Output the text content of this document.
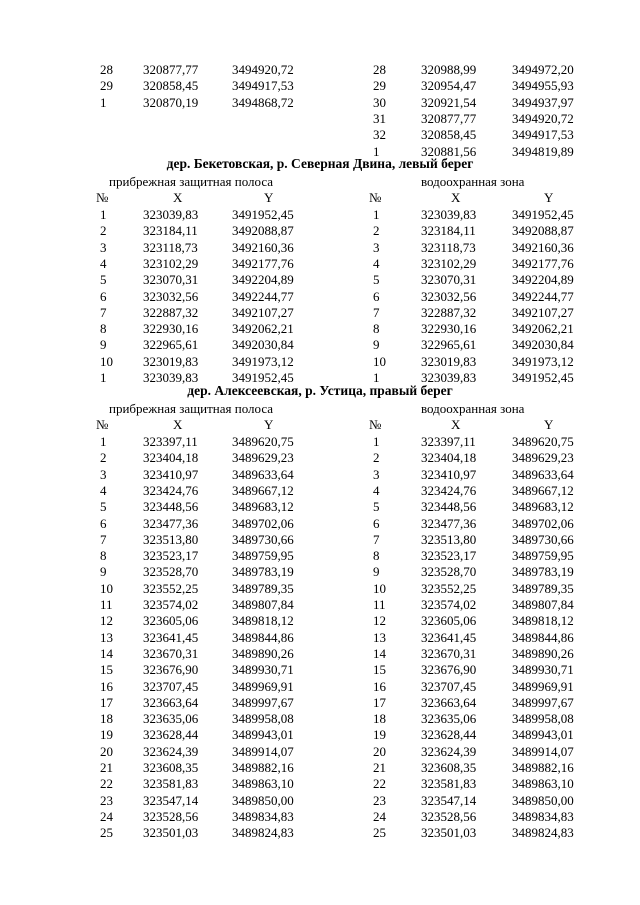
28 320877,77	3494920,72
29 320858,45	3494917,53
1	320870,19	3494868,72
28	320988,99	3494972,20
29	320954,47	3494955,93
30	320921,54	3494937,97
31	320877,77	3494920,72
32	320858,45	3494917,53
1	320881,56	3494819,89
дер. Бекетовская, р. Северная Двина, левый берег
прибрежная защитная полоса	водоохранная зона
№	X	Y	№	X	Y
1	323039,83	3491952,45
2	323184,11	3492088,87
3	323118,73	3492160,36
4	323102,29	3492177,76
5	323070,31	3492204,89
6	323032,56	3492244,77
7	322887,32	3492107,27
8	322930,16	3492062,21
9	322965,61	3492030,84
10 323019,83	3491973,12
1	323039,83	3491952,45
1	323039,83	3491952,45
2	323184,11	3492088,87
3	323118,73	3492160,36
4	323102,29	3492177,76
5	323070,31	3492204,89
6	323032,56	3492244,77
7	322887,32	3492107,27
8	322930,16	3492062,21
9	322965,61	3492030,84
10	323019,83	3491973,12
1	323039,83	3491952,45
дер. Алексеевская, р. Устица, правый берег
прибрежная защитная полоса	водоохранная зона
№	X	Y	№	X	Y
1	323397,11	3489620,75
2	323404,18	3489629,23
3	323410,97	3489633,64
4	323424,76	3489667,12
5	323448,56	3489683,12
6	323477,36	3489702,06
7	323513,80	3489730,66
8	323523,17	3489759,95
9	323528,70	3489783,19
10 323552,25	3489789,35
11 323574,02	3489807,84
12 323605,06	3489818,12
13 323641,45	3489844,86
14 323670,31	3489890,26
15 323676,90	3489930,71
16 323707,45	3489969,91
17 323663,64	3489997,67
18 323635,06	3489958,08
19 323628,44	3489943,01
20 323624,39	3489914,07
21 323608,35	3489882,16
22 323581,83	3489863,10
23 323547,14	3489850,00
24 323528,56	3489834,83
25 323501,03	3489824,83
1	323397,11	3489620,75
2	323404,18	3489629,23
3	323410,97	3489633,64
4	323424,76	3489667,12
5	323448,56	3489683,12
6	323477,36	3489702,06
7	323513,80	3489730,66
8	323523,17	3489759,95
9	323528,70	3489783,19
10	323552,25	3489789,35
11	323574,02	3489807,84
12	323605,06	3489818,12
13	323641,45	3489844,86
14	323670,31	3489890,26
15	323676,90	3489930,71
16	323707,45	3489969,91
17	323663,64	3489997,67
18	323635,06	3489958,08
19	323628,44	3489943,01
20	323624,39	3489914,07
21	323608,35	3489882,16
22	323581,83	3489863,10
23	323547,14	3489850,00
24	323528,56	3489834,83
25	323501,03	3489824,83
